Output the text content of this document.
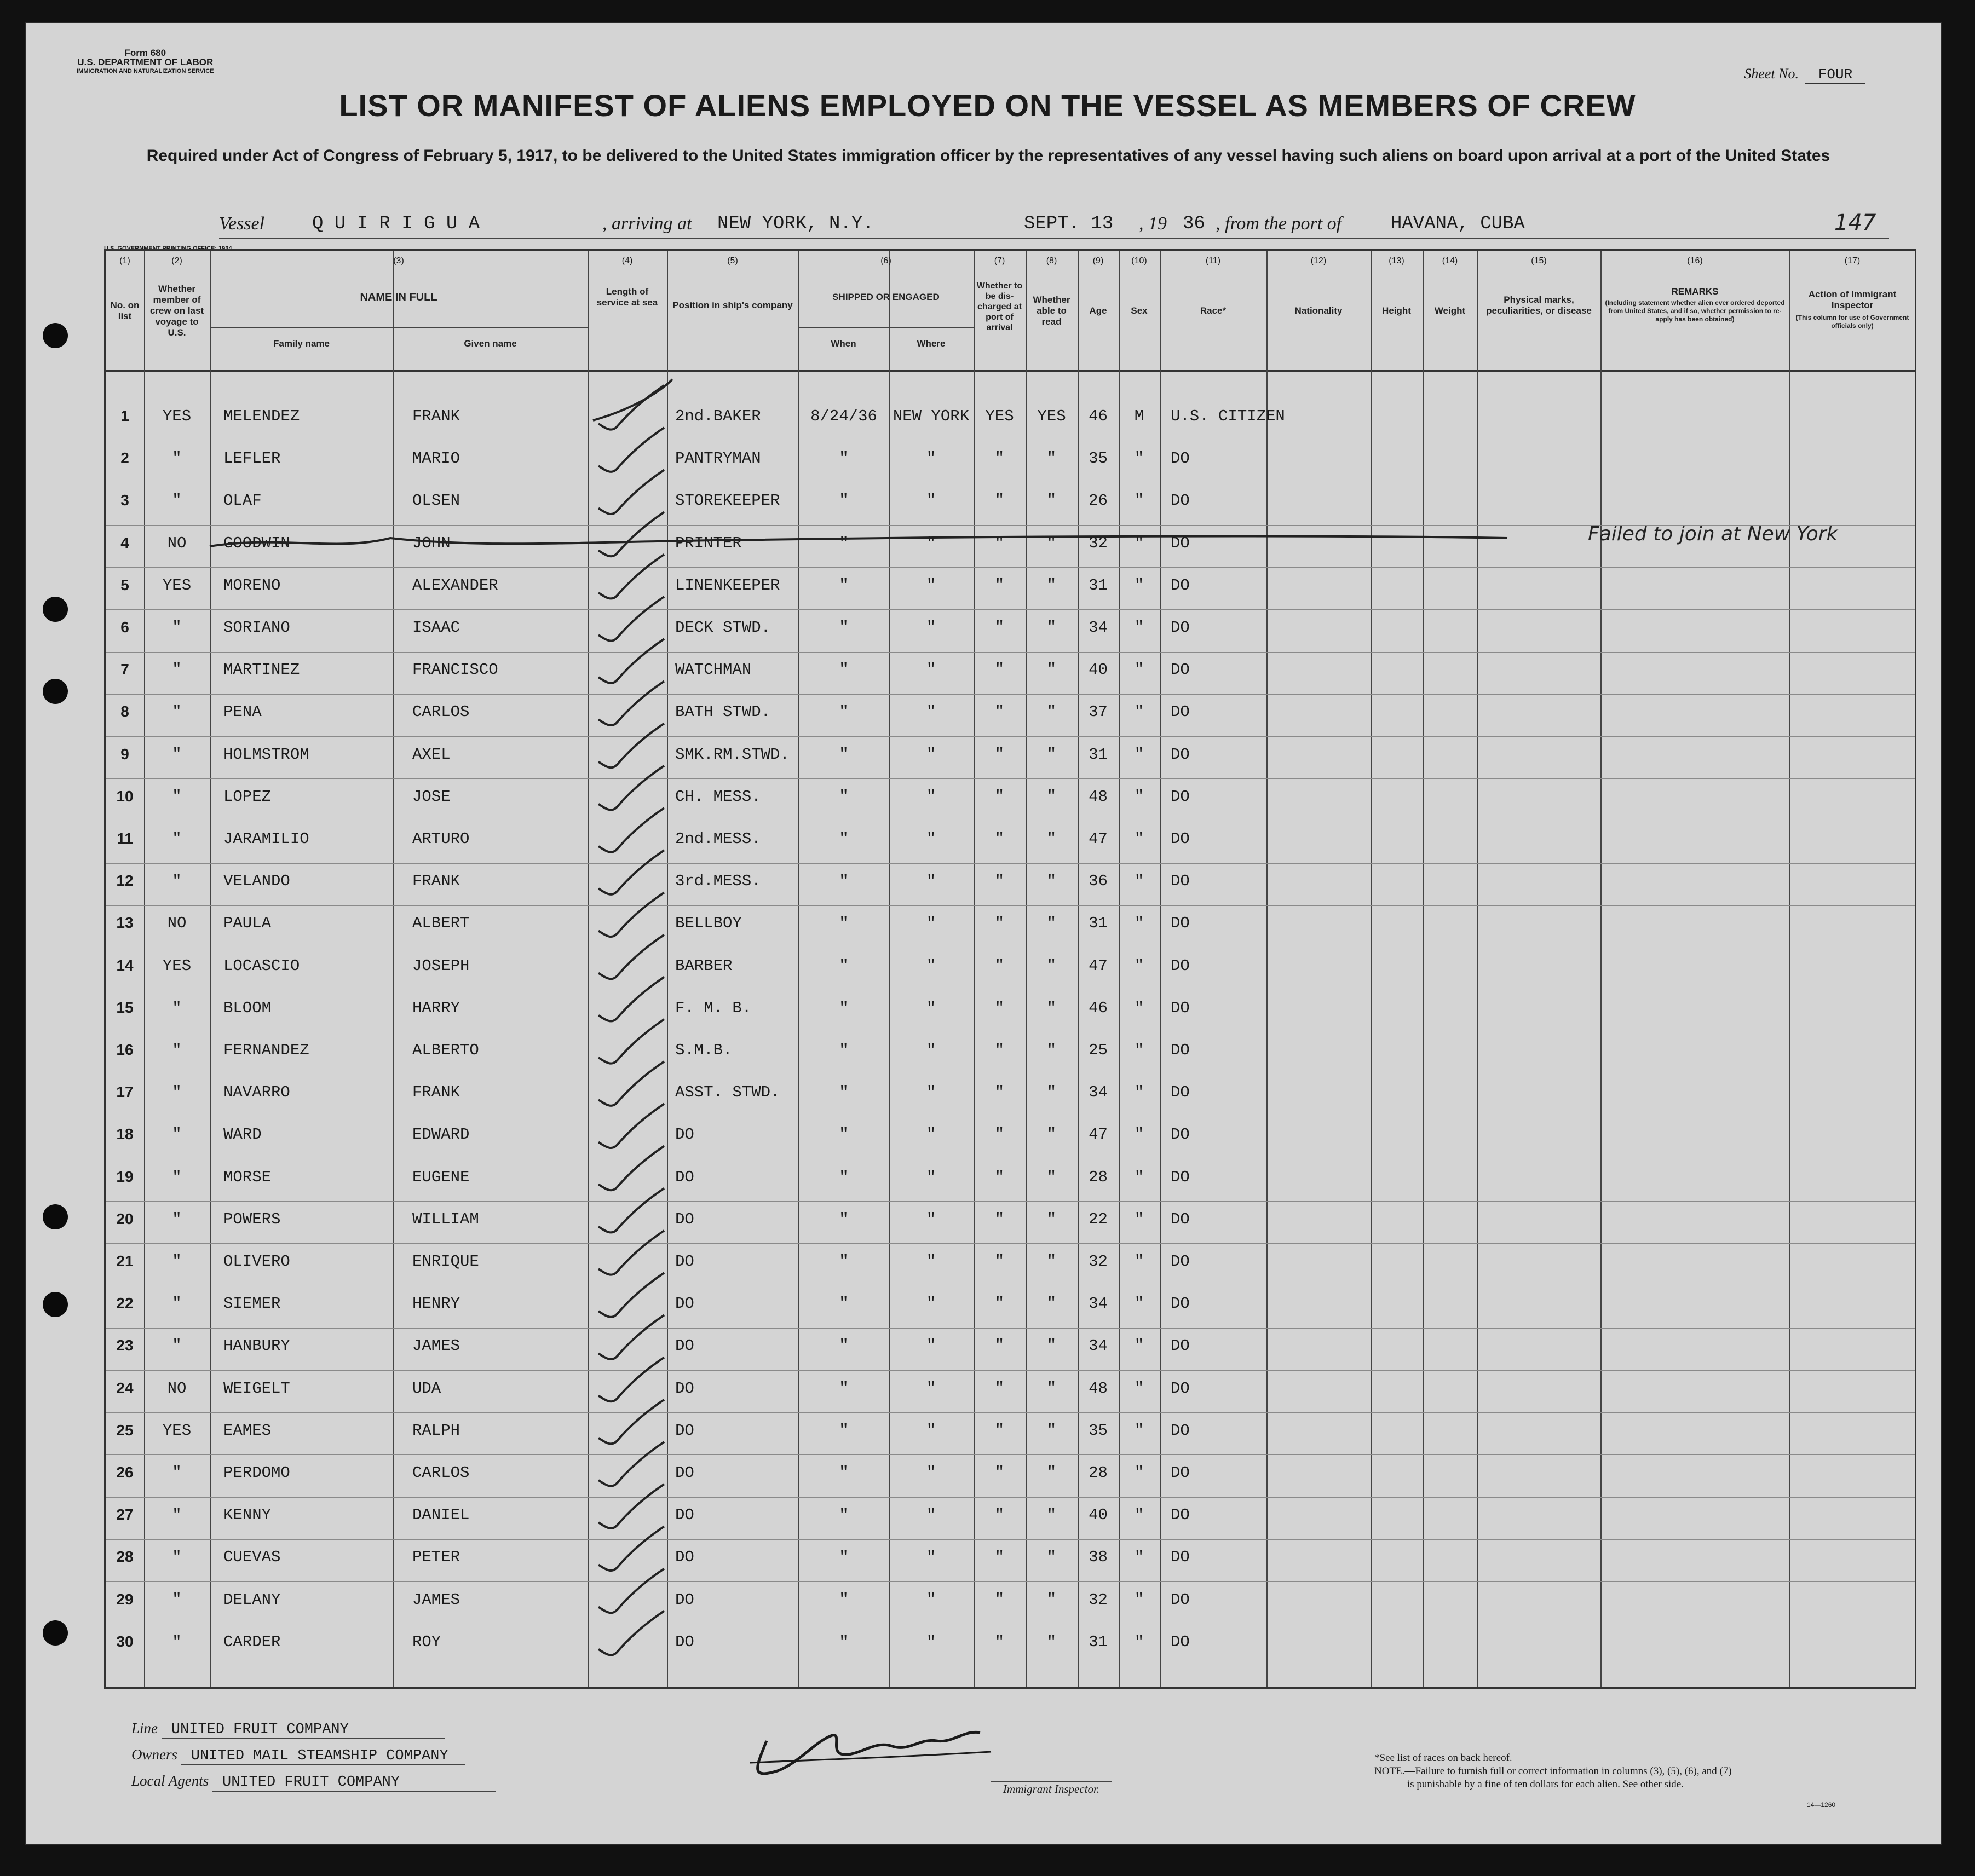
Form 680
U.S. DEPARTMENT OF LABOR
IMMIGRATION AND NATURALIZATION SERVICE	Sheet No. FOUR
LIST OR MANIFEST OF ALIENS EMPLOYED ON THE VESSEL AS MEMBERS OF CREW
Required under Act of Congress of February 5, 1917, to be delivered to the United States immigration officer by the representatives of any vessel having such aliens on board upon arrival at a port of the United States
Vessel	Q U I R I G U A	, arriving at NEW YORK, N.Y.	SEPT. 13 , 19 36 , from the port of	HAVANA, CUBA	147
U.S. GOVERNMENT PRINTING OFFICE: 1934
(1)
No. on list
(2)
Whether member of crew on last voyage to U.S.
(3)
NAME IN FULL
Family name	Given name
(4)
Length of service at sea
(5)
Position in ship's company
(6)
SHIPPED OR ENGAGED
When	Where
(7)
Whether to be dis-charged at port of arrival
(8)
Whether able to read
(9)
Age
(10)
Sex
(11)
Race*
(12)
Nationality
(13)
Height
(14)
Weight
(15)
Physical marks, peculiarities, or disease
(16)
REMARKS
(Including statement whether alien ever ordered deported from United States, and if so, whether permission to re-apply has been obtained)
(17)
Action of Immigrant Inspector
(This column for use of Government officials only)
1	YES	MELENDEZ	FRANK	2nd.BAKER	8/24/36 NEW YORK	YES	YES	46	M	U.S. CITIZEN
2	"	LEFLER	MARIO	PANTRYMAN	"	"	"	"	35	"	DO
3	"	OLAF	OLSEN	STOREKEEPER	"	"	"	"	26	"	DO
4	NO	GOODWIN	JOHN	PRINTER	"	"	"	"	32	"	DO
5	YES	MORENO	ALEXANDER	LINENKEEPER	"	"	"	"	31	"	DO
6	"	SORIANO	ISAAC	DECK STWD.	"	"	"	"	34	"	DO
7	"	MARTINEZ	FRANCISCO	WATCHMAN	"	"	"	"	40	"	DO
8	"	PENA	CARLOS	BATH STWD.	"	"	"	"	37	"	DO
9	"	HOLMSTROM	AXEL	SMK.RM.STWD.	"	"	"	"	31	"	DO
10	"	LOPEZ	JOSE	CH. MESS.	"	"	"	"	48	"	DO
11	"	JARAMILIO	ARTURO	2nd.MESS.	"	"	"	"	47	"	DO
12	"	VELANDO	FRANK	3rd.MESS.	"	"	"	"	36	"	DO
13	NO	PAULA	ALBERT	BELLBOY	"	"	"	"	31	"	DO
14	YES	LOCASCIO	JOSEPH	BARBER	"	"	"	"	47	"	DO
15	"	BLOOM	HARRY	F. M. B.	"	"	"	"	46	"	DO
16	"	FERNANDEZ	ALBERTO	S.M.B.	"	"	"	"	25	"	DO
17	"	NAVARRO	FRANK	ASST. STWD.	"	"	"	"	34	"	DO
18	"	WARD	EDWARD	DO	"	"	"	"	47	"	DO
19	"	MORSE	EUGENE	DO	"	"	"	"	28	"	DO
20	"	POWERS	WILLIAM	DO	"	"	"	"	22	"	DO
21	"	OLIVERO	ENRIQUE	DO	"	"	"	"	32	"	DO
22	"	SIEMER	HENRY	DO	"	"	"	"	34	"	DO
23	"	HANBURY	JAMES	DO	"	"	"	"	34	"	DO
24	NO	WEIGELT	UDA	DO	"	"	"	"	48	"	DO
25	YES	EAMES	RALPH	DO	"	"	"	"	35	"	DO
26	"	PERDOMO	CARLOS	DO	"	"	"	"	28	"	DO
27	"	KENNY	DANIEL	DO	"	"	"	"	40	"	DO
28	"	CUEVAS	PETER	DO	"	"	"	"	38	"	DO
29	"	DELANY	JAMES	DO	"	"	"	"	32	"	DO
30	"	CARDER	ROY	DO	"	"	"	"	31	"	DO
Failed to join at New York
Line UNITED FRUIT COMPANY
Owners UNITED MAIL STEAMSHIP COMPANY
Local Agents UNITED FRUIT COMPANY	Immigrant Inspector.
*See list of races on back hereof.
NOTE.—Failure to furnish full or correct information in columns (3), (5), (6), and (7)
is punishable by a fine of ten dollars for each alien. See other side.
14—1260
